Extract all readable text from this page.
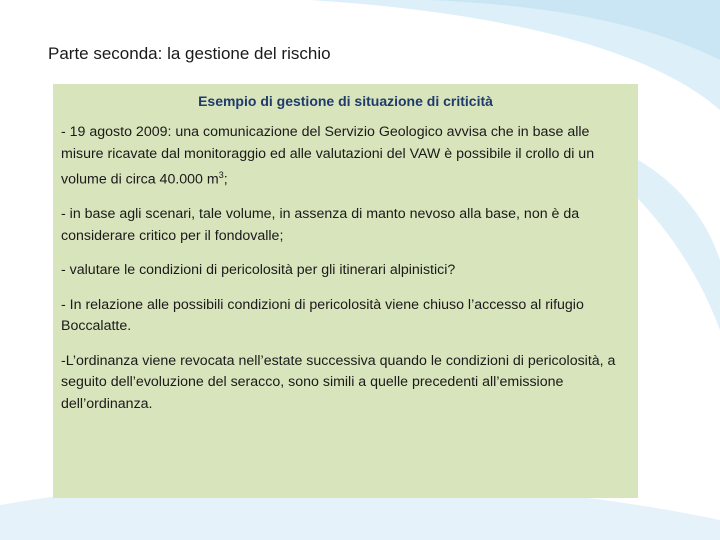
Parte seconda: la gestione del rischio
Esempio di gestione di situazione di criticità

- 19 agosto 2009: una comunicazione del Servizio Geologico avvisa che in base alle misure ricavate dal monitoraggio ed alle valutazioni del VAW è possibile il crollo di un volume di circa 40.000 $m^3$;

- in base agli scenari, tale volume, in assenza di manto nevoso alla base, non è da considerare critico per il fondovalle;

- valutare le condizioni di pericolosità per gli itinerari alpinistici?

- In relazione alle possibili condizioni di pericolosità viene chiuso l’accesso al rifugio Boccalatte.

-L’ordinanza viene revocata nell’estate successiva quando le condizioni di pericolosità, a seguito dell’evoluzione del seracco, sono simili a quelle precedenti all’emissione dell’ordinanza.
